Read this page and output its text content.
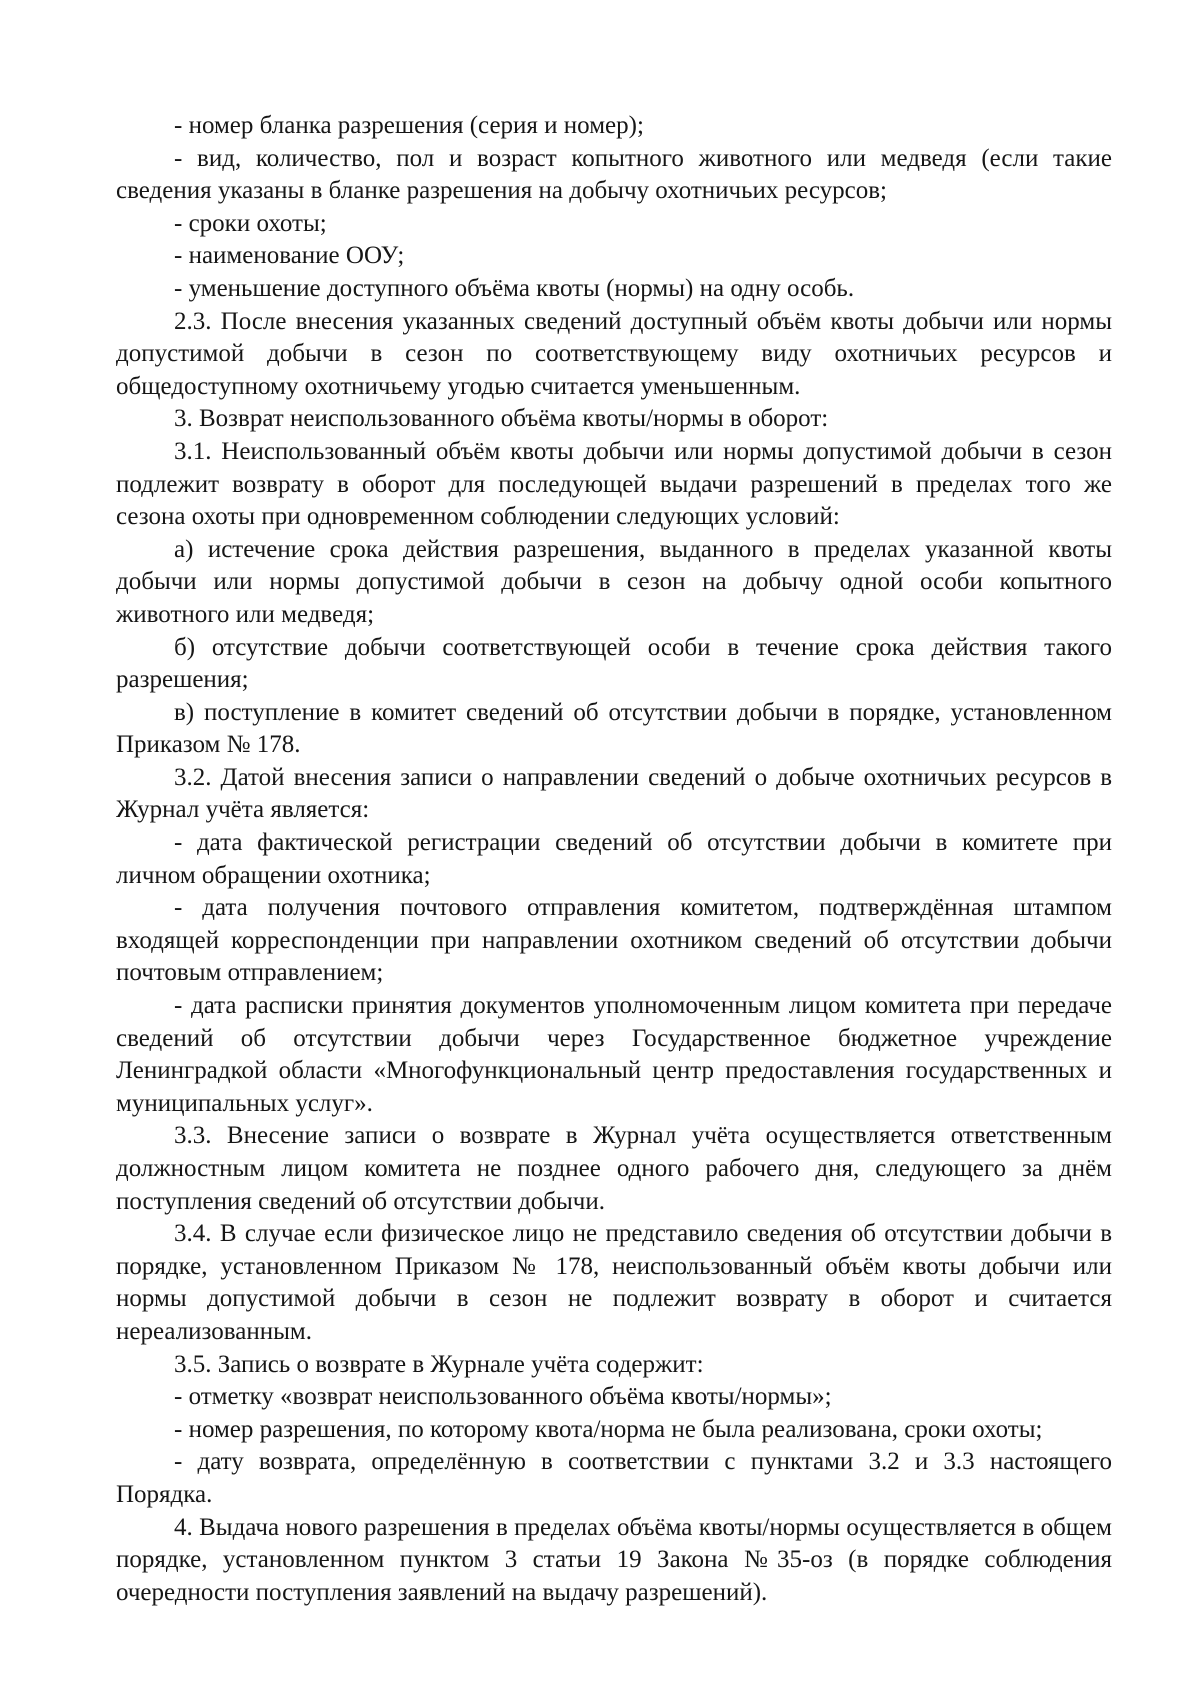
- номер бланка разрешения (серия и номер);

- вид, количество, пол и возраст копытного животного или медведя (если такие сведения указаны в бланке разрешения на добычу охотничьих ресурсов;

- сроки охоты;

- наименование ООУ;

- уменьшение доступного объёма квоты (нормы) на одну особь.

2.3. После внесения указанных сведений доступный объём квоты добычи или нормы допустимой добычи в сезон по соответствующему виду охотничьих ресурсов и общедоступному охотничьему угодью считается уменьшенным.

3. Возврат неиспользованного объёма квоты/нормы в оборот:

3.1. Неиспользованный объём квоты добычи или нормы допустимой добычи в сезон подлежит возврату в оборот для последующей выдачи разрешений в пределах того же сезона охоты при одновременном соблюдении следующих условий:

а) истечение срока действия разрешения, выданного в пределах указанной квоты добычи или нормы допустимой добычи в сезон на добычу одной особи копытного животного или медведя;

б) отсутствие добычи соответствующей особи в течение срока действия такого разрешения;

в) поступление в комитет сведений об отсутствии добычи в порядке, установленном Приказом № 178.

3.2. Датой внесения записи о направлении сведений о добыче охотничьих ресурсов в Журнал учёта является:

- дата фактической регистрации сведений об отсутствии добычи в комитете при личном обращении охотника;

- дата получения почтового отправления комитетом, подтверждённая штампом входящей корреспонденции при направлении охотником сведений об отсутствии добычи почтовым отправлением;

- дата расписки принятия документов уполномоченным лицом комитета при передаче сведений об отсутствии добычи через Государственное бюджетное учреждение Ленинградкой области «Многофункциональный центр предоставления государственных и муниципальных услуг».

3.3. Внесение записи о возврате в Журнал учёта осуществляется ответственным должностным лицом комитета не позднее одного рабочего дня, следующего за днём поступления сведений об отсутствии добычи.

3.4. В случае если физическое лицо не представило сведения об отсутствии добычи в порядке, установленном Приказом № 178, неиспользованный объём квоты добычи или нормы допустимой добычи в сезон не подлежит возврату в оборот и считается нереализованным.

3.5. Запись о возврате в Журнале учёта содержит:

- отметку «возврат неиспользованного объёма квоты/нормы»;

- номер разрешения, по которому квота/норма не была реализована, сроки охоты;

- дату возврата, определённую в соответствии с пунктами 3.2 и 3.3 настоящего Порядка.

4. Выдача нового разрешения в пределах объёма квоты/нормы осуществляется в общем порядке, установленном пунктом 3 статьи 19 Закона №35-оз (в порядке соблюдения очередности поступления заявлений на выдачу разрешений).
